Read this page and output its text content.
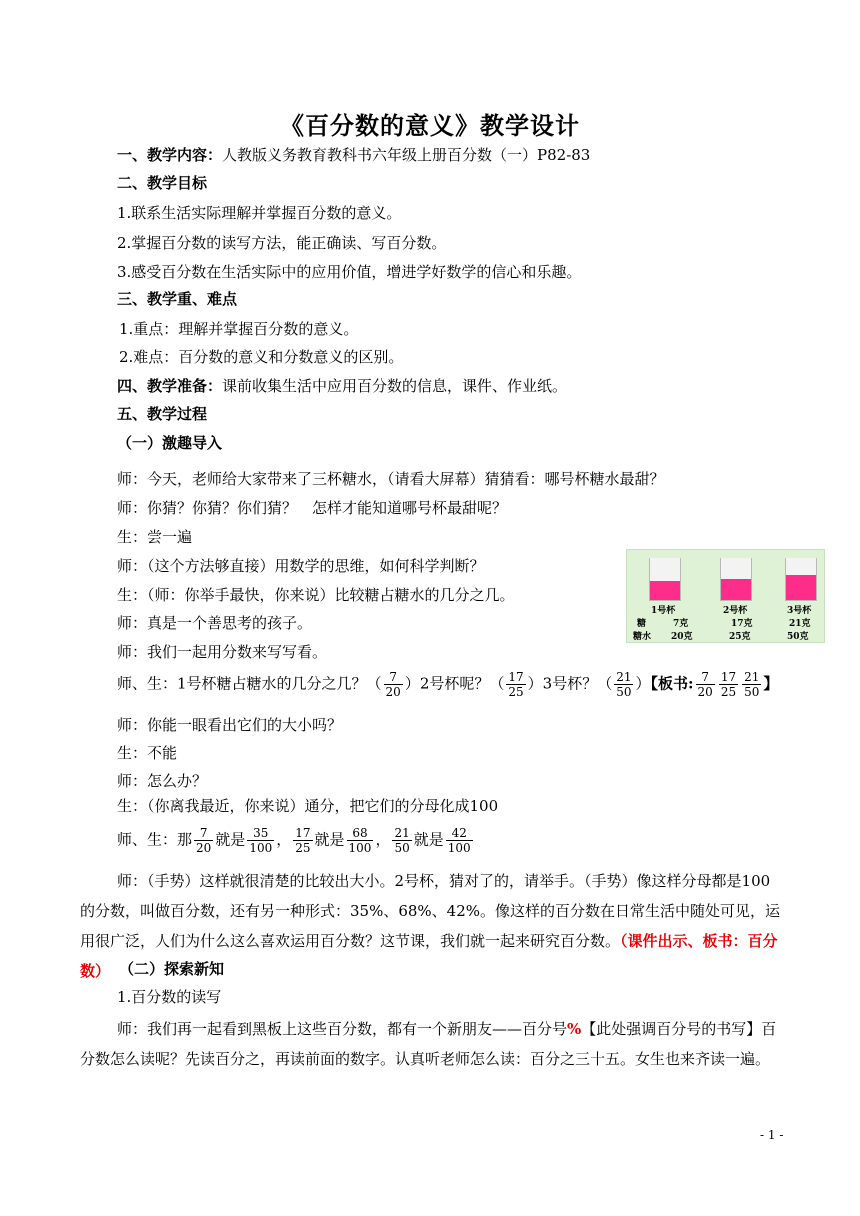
《百分数的意义》教学设计
一、教学内容：人教版义务教育教科书六年级上册百分数（一）P82-83
二、教学目标
1.联系生活实际理解并掌握百分数的意义。
2.掌握百分数的读写方法，能正确读、写百分数。
3.感受百分数在生活实际中的应用价值，增进学好数学的信心和乐趣。
三、教学重、难点
1.重点：理解并掌握百分数的意义。
2.难点：百分数的意义和分数意义的区别。
四、教学准备：课前收集生活中应用百分数的信息，课件、作业纸。
五、教学过程
（一）激趣导入
师：今天，老师给大家带来了三杯糖水，（请看大屏幕）猜猜看：哪号杯糖水最甜？
师：你猜？你猜？你们猜？　怎样才能知道哪号杯最甜呢？
生：尝一遍
师：（这个方法够直接）用数学的思维，如何科学判断？
生：（师：你举手最快，你来说）比较糖占糖水的几分之几。
师：真是一个善思考的孩子。
师：我们一起用分数来写写看。
1号杯	2号杯	3号杯
糖	7克	17克	21克
糖水 20克	25克	50克
师、生：1号杯糖占糖水的几分之几？（ $\frac{7}{20} )2$号杯呢？（ $\frac{17}{25} )3$号杯？（ $\frac{21}{50}$ ）【板书: $\frac{7}{20} \frac{17}{25} \frac{21}{50}$ 】
师：你能一眼看出它们的大小吗？
生：不能
师：怎么办？
生：（你离我最近，你来说）通分，把它们的分母化成100
师、生：那 $\frac{7}{20}$ 就是 $\frac{35}{100}$ ， $\frac{17}{25}$ 就是 $\frac{68}{100}$ ， $\frac{21}{50}$ 就是 $\frac{42}{100}$
师：（手势）这样就很清楚的比较出大小。2号杯，猜对了的，请举手。（手势）像这样分母都是100的分数，叫做百分数，还有另一种形式：35%、68%、42%。像这样的百分数在日常生活中随处可见，运用很广泛，人们为什么这么喜欢运用百分数？这节课，我们就一起来研究百分数。（课件出示、板书：百分数） （二）探索新知
1.百分数的读写
师：我们再一起看到黑板上这些百分数，都有一个新朋友——百分号%【此处强调百分号的书写】百分数怎么读呢？先读百分之，再读前面的数字。认真听老师怎么读：百分之三十五。女生也来齐读一遍。
- 1 -
